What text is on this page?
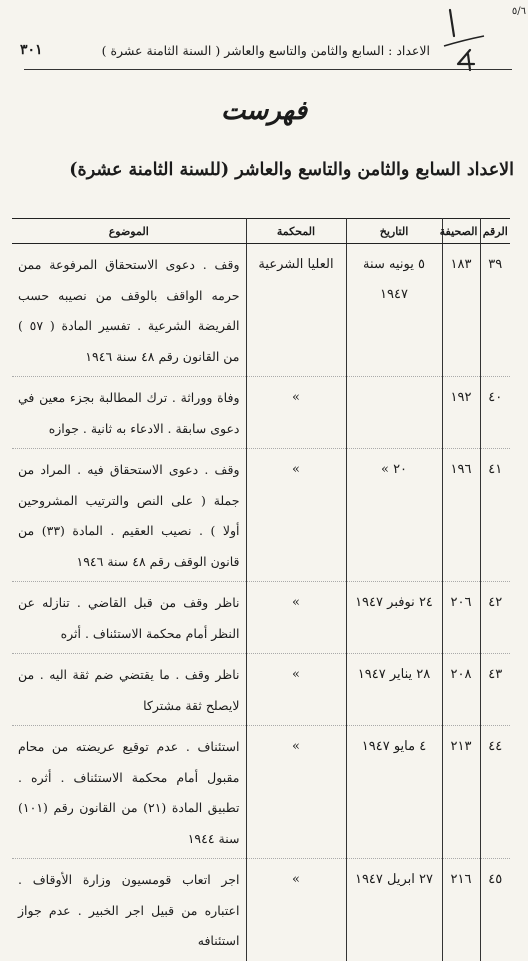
الاعداد : السابع والثامن والتاسع والعاشر ( السنة الثامنة عشرة )
٣٠١
٥/٦
فهرست
الاعداد السابع والثامن والتاسع والعاشر (للسنة الثامنة عشرة)
الرقم	الصحيفة	التاريخ	المحكمة	الموضوع
٣٩	١٨٣	٥ يونيه سنة ١٩٤٧	العليا الشرعية	وقف . دعوى الاستحقاق المرفوعة ممن حرمه الواقف بالوقف من نصيبه حسب الفريضة الشرعية . تفسير المادة ( ٥٧ ) من القانون رقم ٤٨ سنة ١٩٤٦
٤٠	١٩٢		»	وفاة ووراثة . ترك المطالبة بجزء معين في دعوى سابقة . الادعاء به ثانية . جوازه
٤١	١٩٦	٢٠ »	»	وقف . دعوى الاستحقاق فيه . المراد من جملة ( على النص والترتيب المشروحين أولا ) . نصيب العقيم . المادة (٣٣) من قانون الوقف رقم ٤٨ سنة ١٩٤٦
٤٢	٢٠٦	٢٤ نوفبر ١٩٤٧	»	ناظر وقف من قبل القاضي . تنازله عن النظر أمام محكمة الاستئناف . أثره
٤٣	٢٠٨	٢٨ يناير ١٩٤٧	»	ناظر وقف . ما يقتضي ضم ثقة اليه . من لايصلح ثقة مشتركا
٤٤	٢١٣	٤ مايو ١٩٤٧	»	استئناف . عدم توقيع عريضته من محام مقبول أمام محكمة الاستئناف . أثره . تطبيق المادة (٢١) من القانون رقم (١٠١) سنة ١٩٤٤
٤٥	٢١٦	٢٧ ابريل ١٩٤٧	»	اجر اتعاب قومسيون وزارة الأوقاف . اعتباره من قبيل اجر الخبير . عدم جواز استئنافه
